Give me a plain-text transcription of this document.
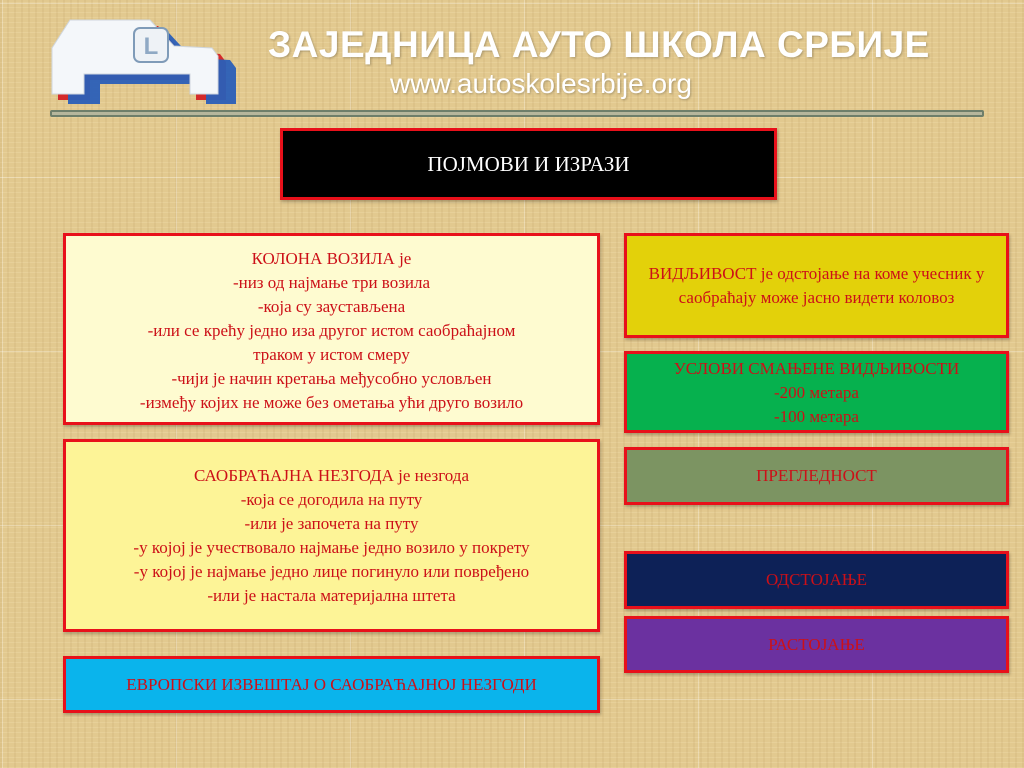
L	ЗАЈЕДНИЦА АУТО ШКОЛА СРБИЈЕ
www.autoskolesrbije.org
ПОЈМОВИ И ИЗРАЗИ
КОЛОНА ВОЗИЛА је
-низ од најмање три возила
-која су заустављена
-или се крећу једно иза другог истом саобраћајном
траком у истом смеру
-чији је начин кретања међусобно условљен
-између којих не може без ометања ући друго возило
САОБРАЋАЈНА НЕЗГОДА је незгода
-која се догодила на путу
-или је започета на путу
-у којој је учествовало најмање једно возило у покрету
-у којој је најмање једно лице погинуло или повређено
-или је настала материјална штета
ЕВРОПСКИ ИЗВЕШТАЈ О САОБРАЋАЈНОЈ НЕЗГОДИ
ВИДЉИВОСТ је одстојање на коме учесник у саобраћају може јасно видети коловоз
УСЛОВИ СМАЊЕНЕ ВИДЉИВОСТИ
-200 метара
-100 метара
ПРЕГЛЕДНОСТ
ОДСТОЈАЊЕ
РАСТОЈАЊЕ
